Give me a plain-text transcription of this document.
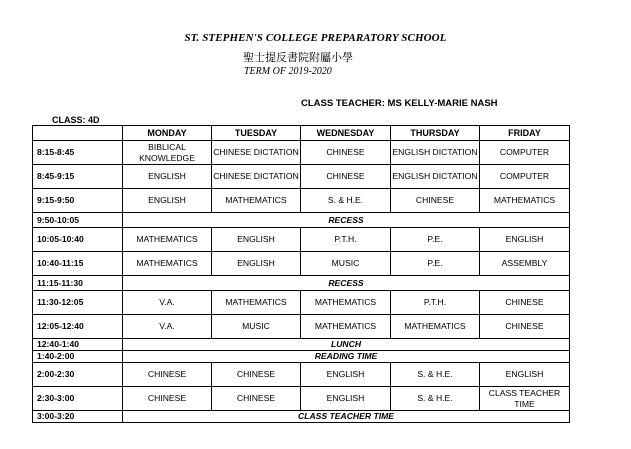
ST. STEPHEN'S COLLEGE PREPARATORY SCHOOL
聖士提反書院附屬小學
TERM OF 2019-2020
CLASS TEACHER: MS KELLY-MARIE NASH
CLASS: 4D
	MONDAY	TUESDAY	WEDNESDAY	THURSDAY	FRIDAY
8:15-8:45	BIBLICAL KNOWLEDGE	CHINESE DICTATION	CHINESE	ENGLISH DICTATION	COMPUTER
8:45-9:15	ENGLISH	CHINESE DICTATION	CHINESE	ENGLISH DICTATION	COMPUTER
9:15-9:50	ENGLISH	MATHEMATICS	S. & H.E.	CHINESE	MATHEMATICS
9:50-10:05	RECESS				
10:05-10:40	MATHEMATICS	ENGLISH	P.T.H.	P.E.	ENGLISH
10:40-11:15	MATHEMATICS	ENGLISH	MUSIC	P.E.	ASSEMBLY
11:15-11:30	RECESS				
11:30-12:05	V.A.	MATHEMATICS	MATHEMATICS	P.T.H.	CHINESE
12:05-12:40	V.A.	MUSIC	MATHEMATICS	MATHEMATICS	CHINESE
12:40-1:40	LUNCH				
1:40-2:00	READING TIME				
2:00-2:30	CHINESE	CHINESE	ENGLISH	S. & H.E.	ENGLISH
2:30-3:00	CHINESE	CHINESE	ENGLISH	S. & H.E.	CLASS TEACHER TIME
3:00-3:20	CLASS TEACHER TIME				
